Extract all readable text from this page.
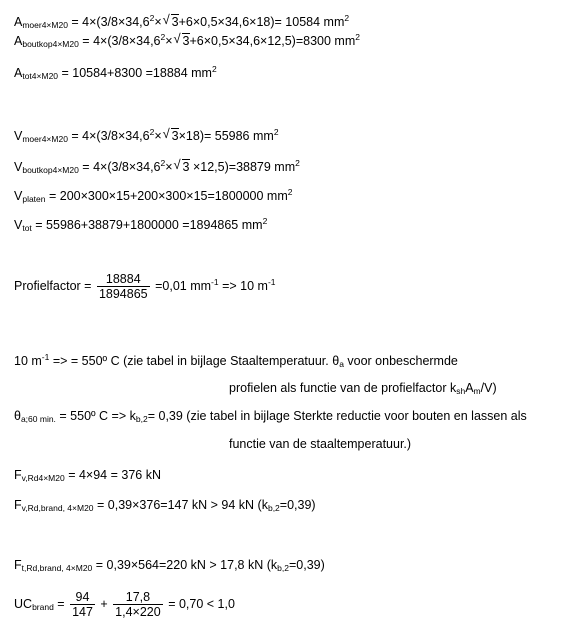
$A_{moer4\times M20} = 4\times(3/8\times 34,6^2\times$ √ 3+6×0,5×34,6×18)= 10584 $mm^2$
$A_{boutkop4\times M20} = 4\times(3/8\times 34,6^2\times$ √ 3+6×0,5×34,6×12,5)=8300 $mm^2$
$A_{tot4\times M20} = 10584+8300 =18884$ $mm^2$
$V_{moer4\times M20} = 4\times(3/8\times 34,6^2\times$ √ 3×18)= 55986 $mm^2$
$V_{boutkop4\times M20} = 4\times(3/8\times 34,6^2\times$ √ 3 ×12,5)=38879 $mm^2$
$V_{platen} = 200\times 300\times 15+200\times 300\times 15=1800000$ $mm^2$
$V_{tot} = 55986+38879+1800000 =1894865$ $mm^2$
Profielfactor = $\frac{18884}{1894865} =0,01$ $mm^{-1} => 10$ $m^{-1}$
10 $m^{-1}$ => = 550º C (zie tabel in bijlage Staaltemperatuur. $\theta_a$ voor onbeschermde
profielen als functie van de profielfactor $k_{sh}A_m/V$)
$\theta_{a;60 min.}$ = 550º $C => k_{b,2}= 0,39$ (zie tabel in bijlage Sterkte reductie voor bouten en lassen als
functie van de staaltemperatuur.)
$F_{v,Rd4\times M20} = 4\times 94 = 376$ kN
$F_{v,Rd,brand, 4\times M20} = 0,39\times 376=147$ kN > 94 kN $(k_{b,2}=0,39)$
$F_{t,Rd,brand, 4\times M20} = 0,39\times 564=220$ kN > 17,8 kN $(k_{b,2}=0,39)$
$UC_{brand} = \frac{94}{147} + \frac{17,8}{1,4\times 220} = 0,70 < 1,0$
